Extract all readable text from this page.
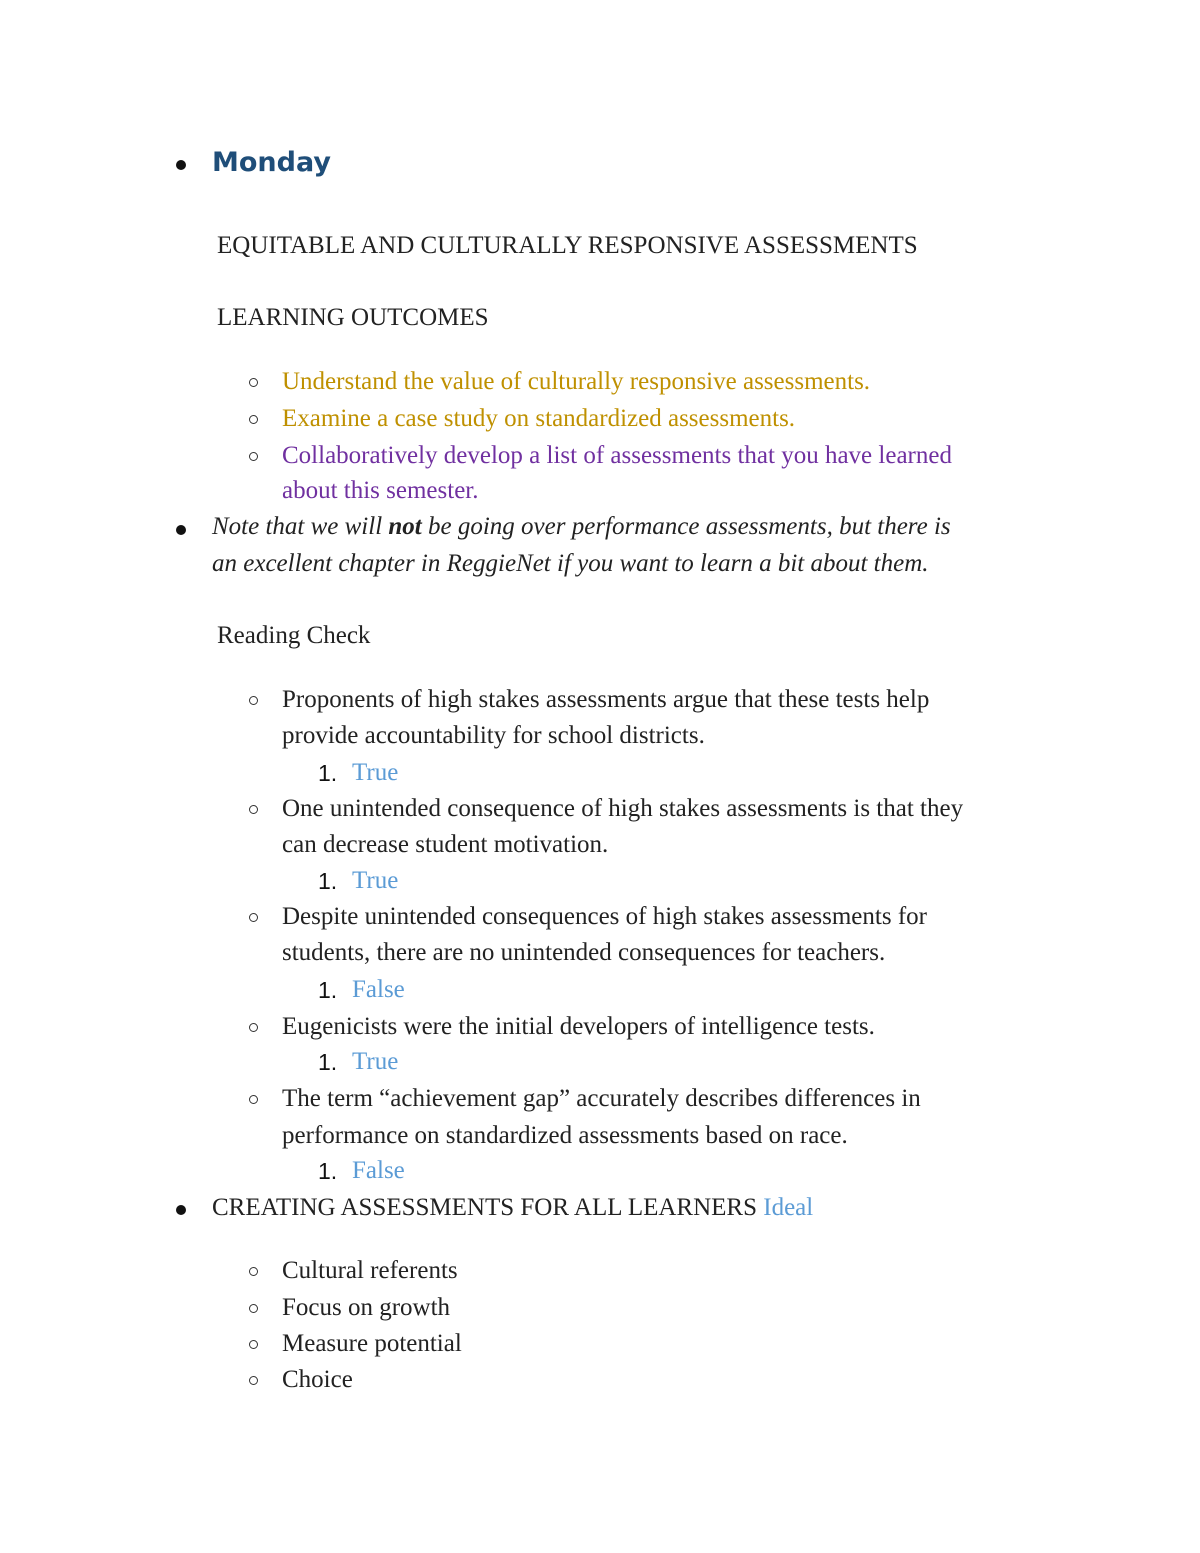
Monday
EQUITABLE AND CULTURALLY RESPONSIVE ASSESSMENTS
LEARNING OUTCOMES
Understand the value of culturally responsive assessments.
Examine a case study on standardized assessments.
Collaboratively develop a list of assessments that you have learned
about this semester.
Note that we will not be going over performance assessments, but there is
an excellent chapter in ReggieNet if you want to learn a bit about them.
Reading Check
Proponents of high stakes assessments argue that these tests help
provide accountability for school districts.
1. True
One unintended consequence of high stakes assessments is that they
can decrease student motivation.
1. True
Despite unintended consequences of high stakes assessments for
students, there are no unintended consequences for teachers.
1. False
Eugenicists were the initial developers of intelligence tests.
1. True
The term “achievement gap” accurately describes differences in
performance on standardized assessments based on race.
1. False
CREATING ASSESSMENTS FOR ALL LEARNERS Ideal
Cultural referents
Focus on growth
Measure potential
Choice
